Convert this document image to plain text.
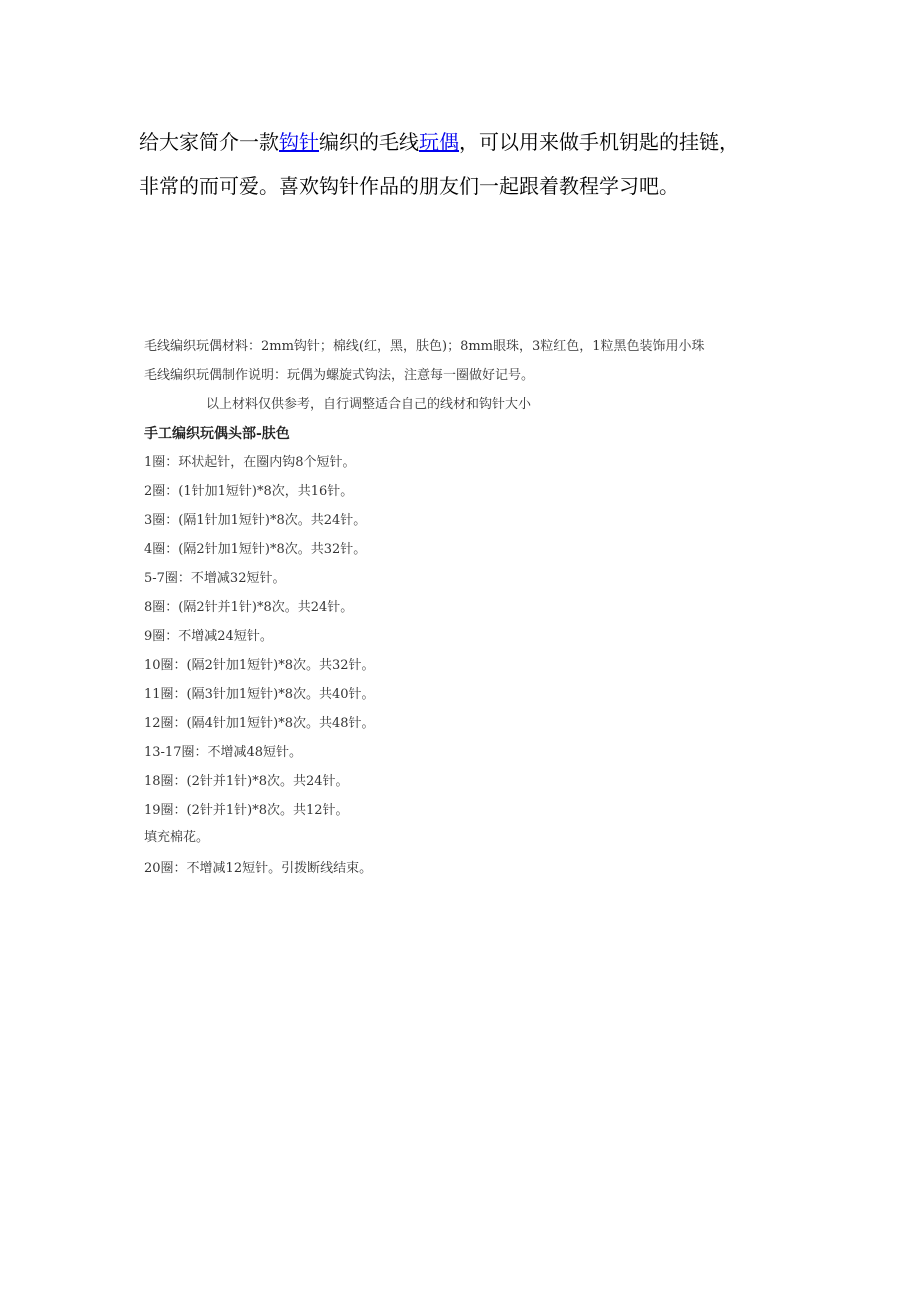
给大家简介一款钩针编织的毛线玩偶，可以用来做手机钥匙的挂链，

非常的而可爱。喜欢钩针作品的朋友们一起跟着教程学习吧。

毛线编织玩偶材料：2mm钩针；棉线(红，黑，肤色)；8mm眼珠，3粒红色，1粒黑色装饰用小珠
毛线编织玩偶制作说明：玩偶为螺旋式钩法，注意每一圈做好记号。
以上材料仅供参考，自行调整适合自己的线材和钩针大小
手工编织玩偶头部-肤色
1圈：环状起针，在圈内钩8个短针。
2圈：(1针加1短针)*8次，共16针。
3圈：(隔1针加1短针)*8次。共24针。
4圈：(隔2针加1短针)*8次。共32针。
5-7圈：不增减32短针。
8圈：(隔2针并1针)*8次。共24针。
9圈：不增减24短针。
10圈：(隔2针加1短针)*8次。共32针。
11圈：(隔3针加1短针)*8次。共40针。
12圈：(隔4针加1短针)*8次。共48针。
13-17圈：不增减48短针。
18圈：(2针并1针)*8次。共24针。
19圈：(2针并1针)*8次。共12针。
填充棉花。
20圈：不增减12短针。引拨断线结束。
